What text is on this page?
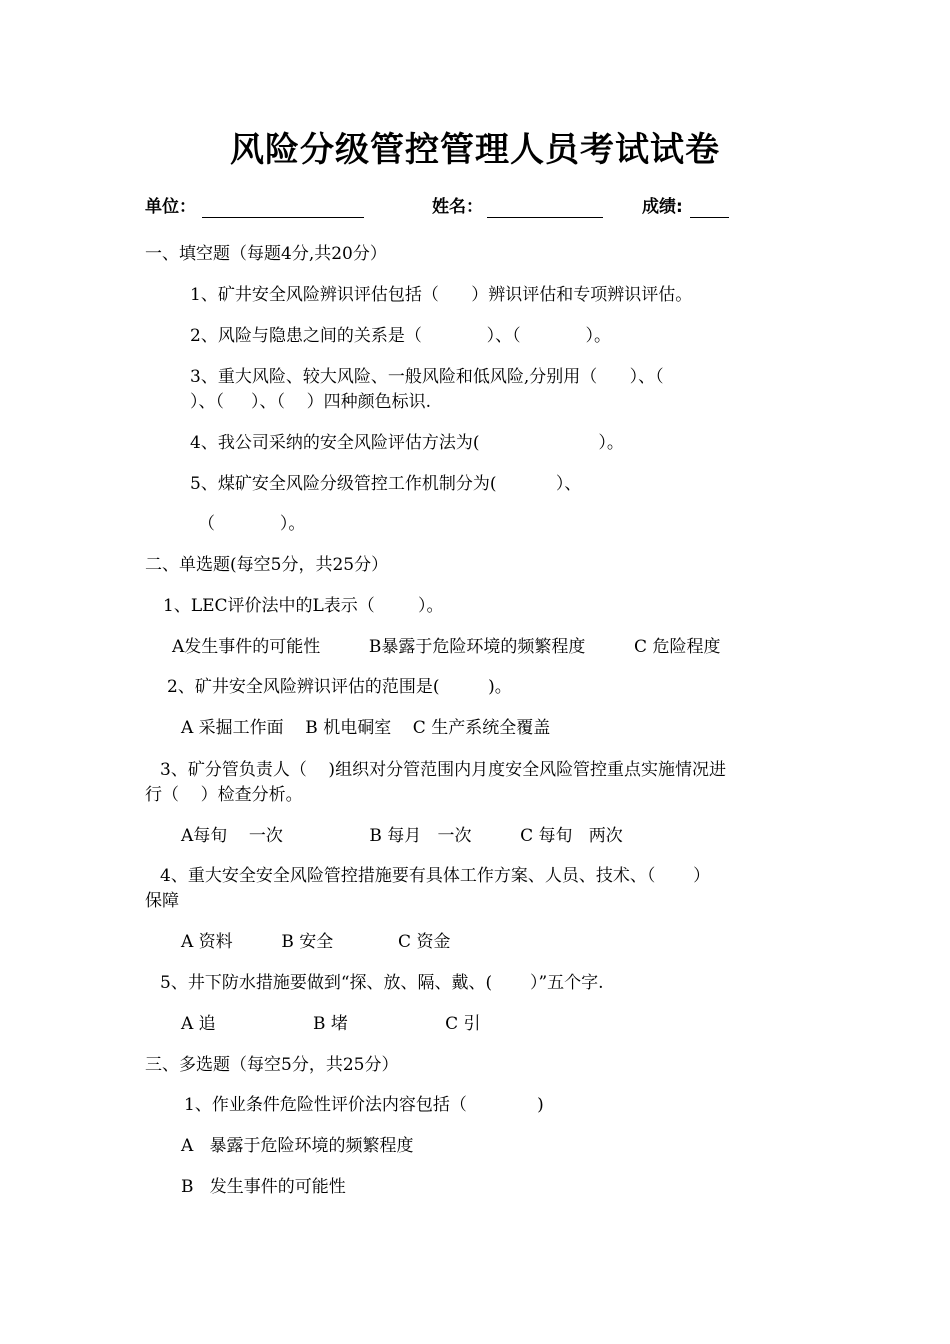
风险分级管控管理人员考试试卷
单位：	姓名：	成绩:
一、填空题（每题4分,共20分）
1、矿井安全风险辨识评估包括（      ）辨识评估和专项辨识评估。
2、风险与隐患之间的关系是（            ）、（            ）。
3、重大风险、较大风险、一般风险和低风险,分别用（      ）、（
）、（     ）、（    ）四种颜色标识.
4、我公司采纳的安全风险评估方法为(                      ）。
5、煤矿安全风险分级管控工作机制分为(           ）、
（            ）。
二、单选题(每空5分，共25分）
1、LEC评价法中的L表示（        ）。
A发生事件的可能性         B暴露于危险环境的频繁程度         C 危险程度
2、矿井安全风险辨识评估的范围是(         )。
A 采掘工作面    B 机电硐室    C 生产系统全覆盖
3、矿分管负责人（    )组织对分管范围内月度安全风险管控重点实施情况进
行（    ）检查分析。
A每旬    一次                B 每月   一次         C 每旬   两次
4、重大安全安全风险管控措施要有具体工作方案、人员、技术、（       ）
保障
A 资料         B 安全            C 资金
5、井下防水措施要做到“探、放、隔、戴、(       ）”五个字.
A 追                  B 堵                  C 引
三、多选题（每空5分，共25分）
1、作业条件危险性评价法内容包括（             )
A   暴露于危险环境的频繁程度
B   发生事件的可能性
